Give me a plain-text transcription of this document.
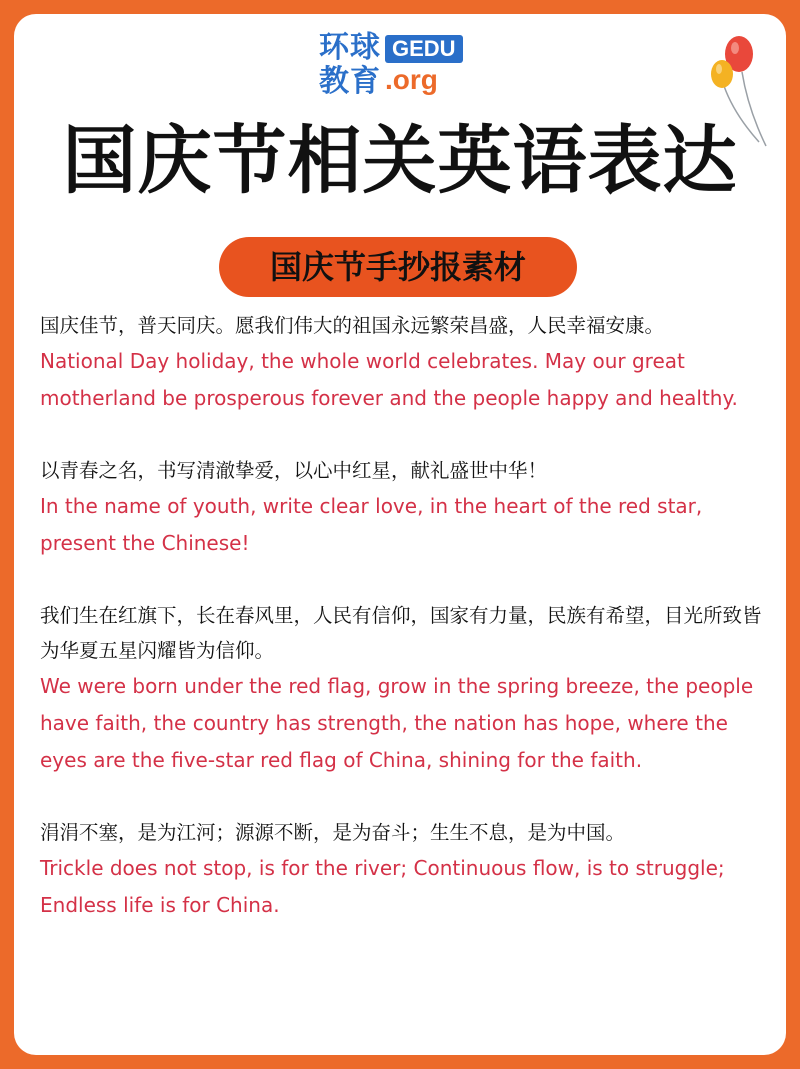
环球
教育
GEDU
.org
国庆节相关英语表达
国庆节手抄报素材

国庆佳节，普天同庆。愿我们伟大的祖国永远繁荣昌盛，人民幸福安康。

National Day holiday, the whole world celebrates. May our great motherland be prosperous forever and the people happy and healthy.

以青春之名，书写清澈挚爱，以心中红星，献礼盛世中华！

In the name of youth, write clear love, in the heart of the red star, present the Chinese!

我们生在红旗下，长在春风里，人民有信仰，国家有力量，民族有希望，目光所致皆为华夏五星闪耀皆为信仰。

We were born under the red flag, grow in the spring breeze, the people have faith, the country has strength, the nation has hope, where the eyes are the five-star red flag of China, shining for the faith.

涓涓不塞，是为江河；源源不断，是为奋斗；生生不息，是为中国。

Trickle does not stop, is for the river; Continuous flow, is to struggle; Endless life is for China.
